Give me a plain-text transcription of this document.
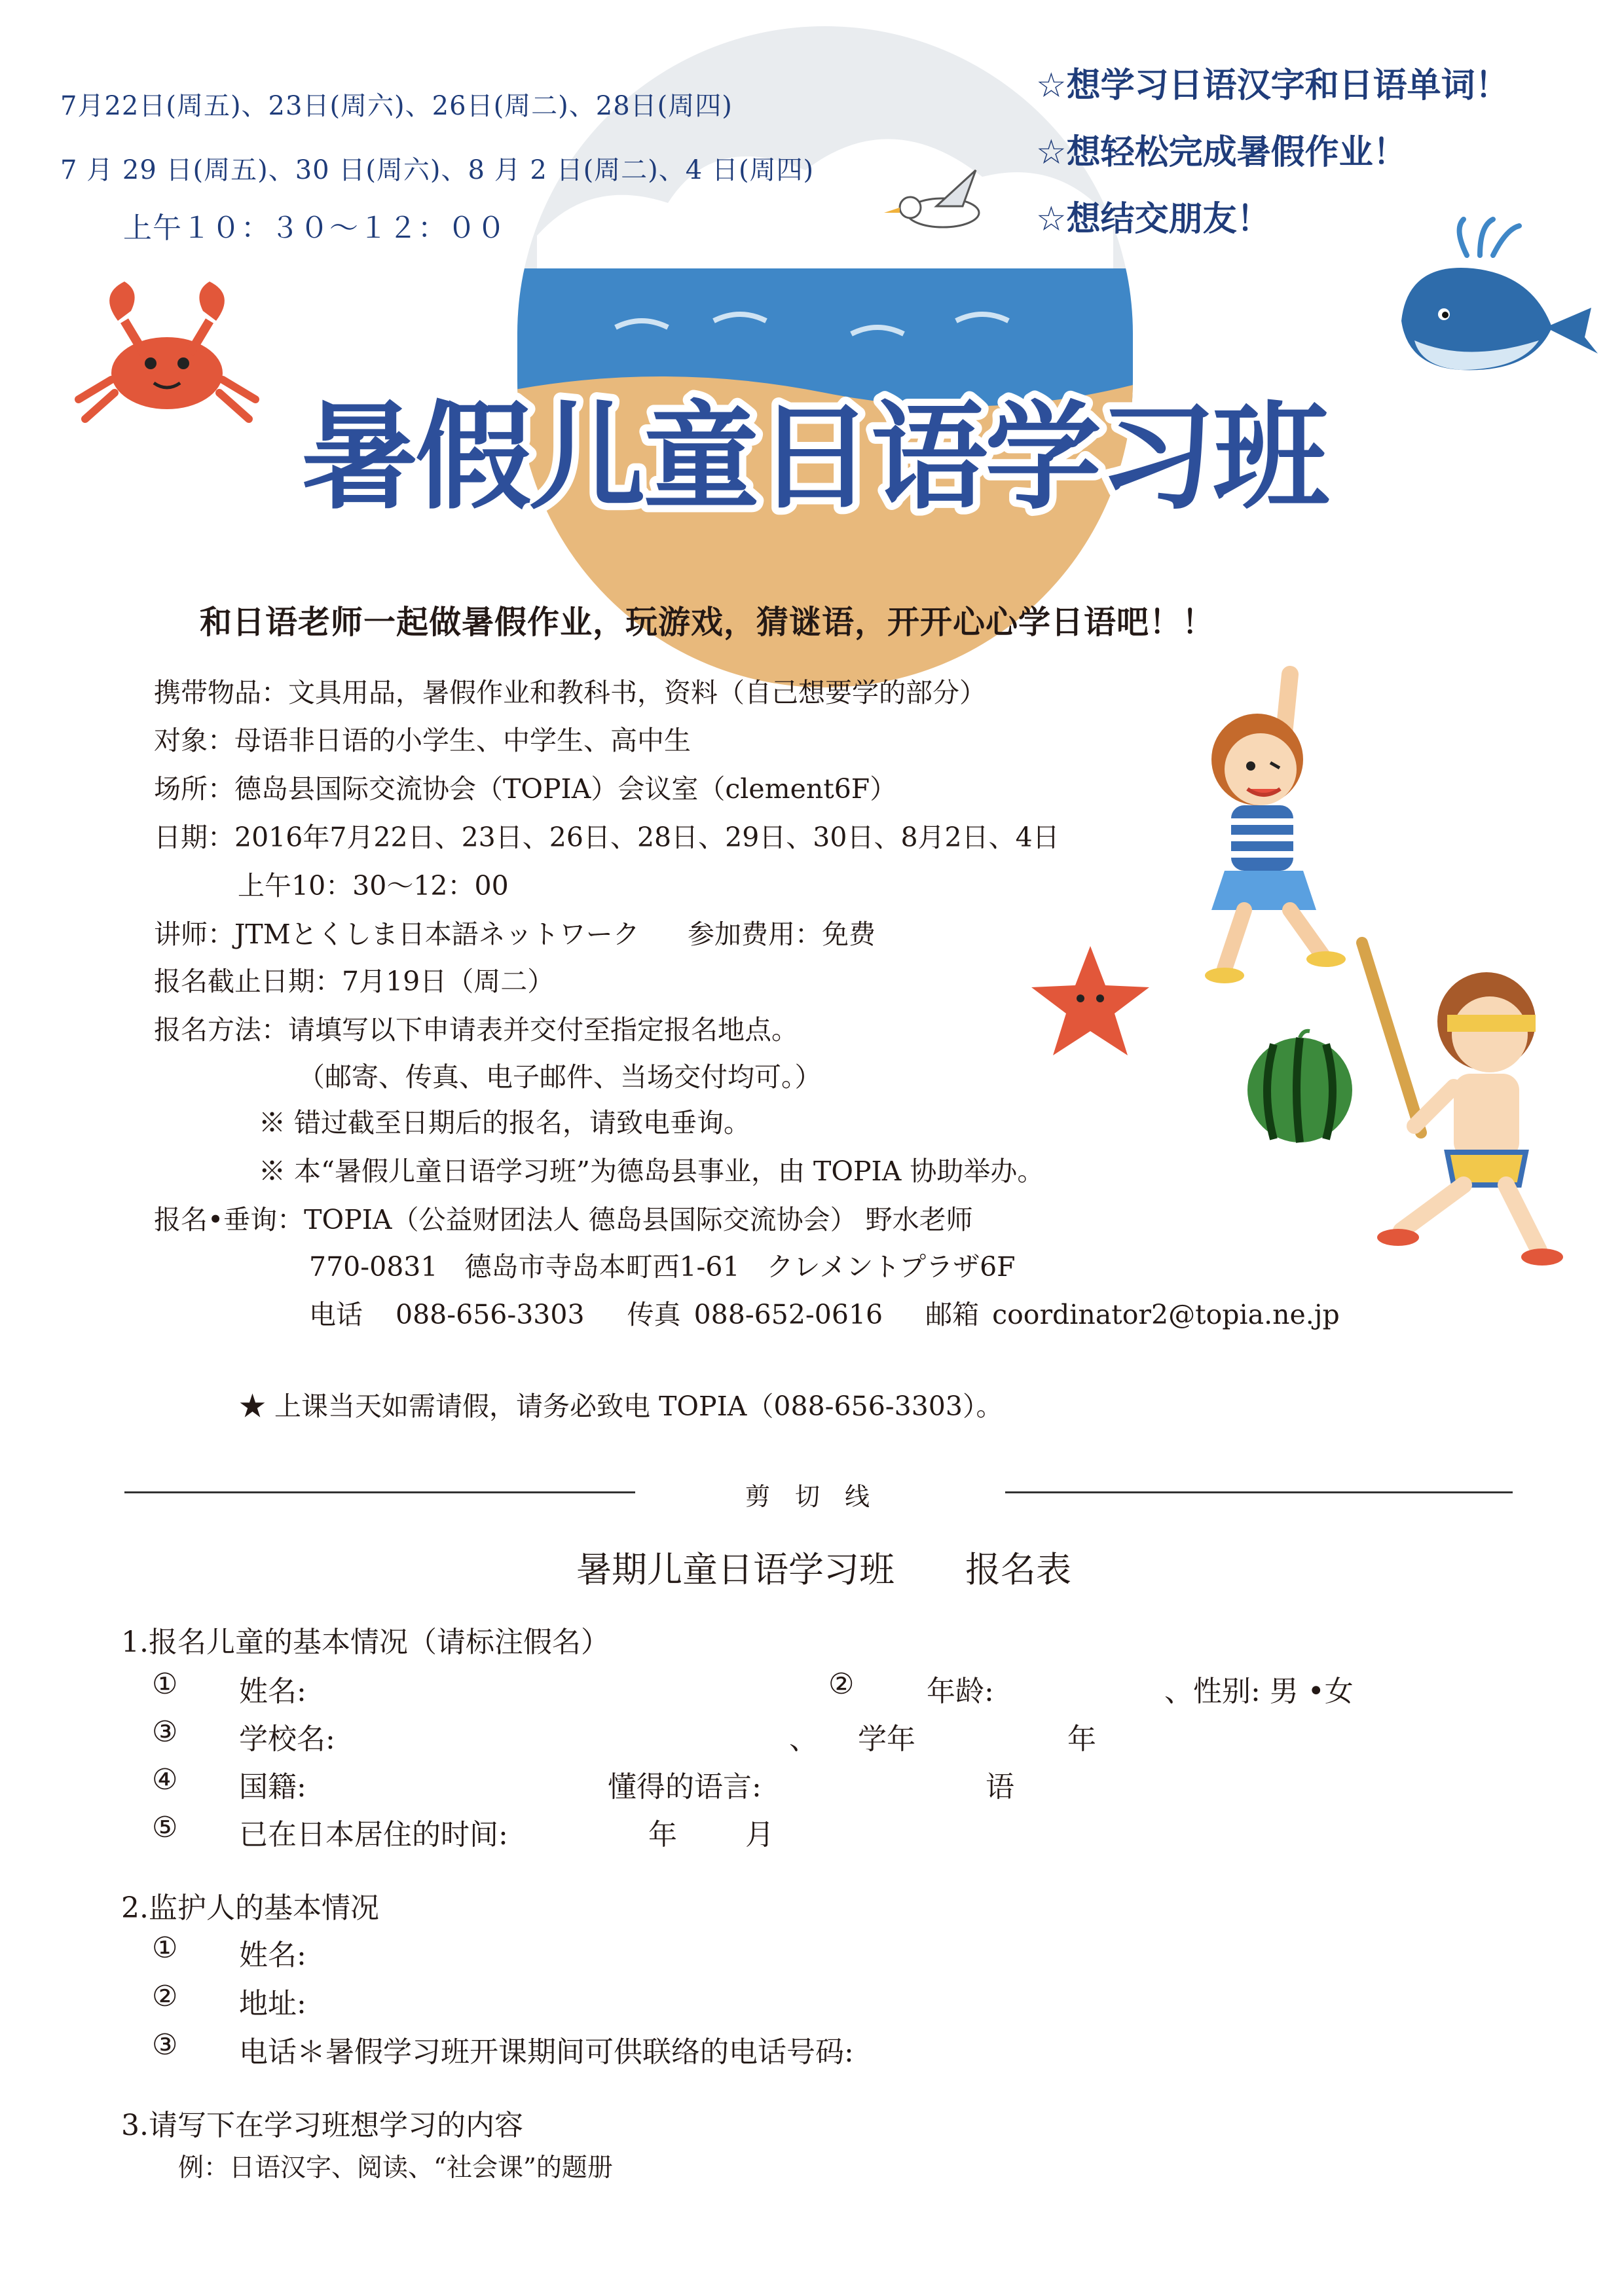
7月22日(周五)、23日(周六)、26日(周二)、28日(周四)
7 月 29 日(周五)、30 日(周六)、8 月 2 日(周二)、4 日(周四)
上午１０：３０～１２：００
☆想学习日语汉字和日语单词！
☆想轻松完成暑假作业！
☆想结交朋友！
暑假儿童日语学习班
和日语老师一起做暑假作业，玩游戏，猜谜语，开开心心学日语吧！！
携带物品：文具用品，暑假作业和教科书，资料（自己想要学的部分）
对象：母语非日语的小学生、中学生、高中生
场所：德岛县国际交流协会（TOPIA）会议室（clement6F）
日期：2016年7月22日、23日、26日、28日、29日、30日、8月2日、4日
上午10：30～12：00
讲师：JTMとくしま日本語ネットワーク 参加费用：免费
报名截止日期：7月19日（周二）
报名方法：请填写以下申请表并交付至指定报名地点。
（邮寄、传真、电子邮件、当场交付均可。）
※ 错过截至日期后的报名，请致电垂询。
※ 本“暑假儿童日语学习班”为德岛县事业，由 TOPIA 协助举办。
报名•垂询：TOPIA（公益财团法人 德岛县国际交流协会） 野水老师
770-0831　德岛市寺岛本町西1-61　クレメントプラザ6F
电话 088-656-3303 传真 088-652-0616 邮箱 coordinator2@topia.ne.jp
★ 上课当天如需请假，请务必致电 TOPIA（088-656-3303）。
剪　切　线
暑期儿童日语学习班　　报名表
1.报名儿童的基本情况（请标注假名）
① 姓名:	②	年龄:	、性别: 男 •女
③ 学校名:	、 学年	年
④ 国籍:	懂得的语言:	语
⑤ 已在日本居住的时间:	年 月
2.监护人的基本情况
① 姓名:
② 地址:
③ 电话＊暑假学习班开课期间可供联络的电话号码:
3.请写下在学习班想学习的内容
例：日语汉字、阅读、“社会课”的题册
